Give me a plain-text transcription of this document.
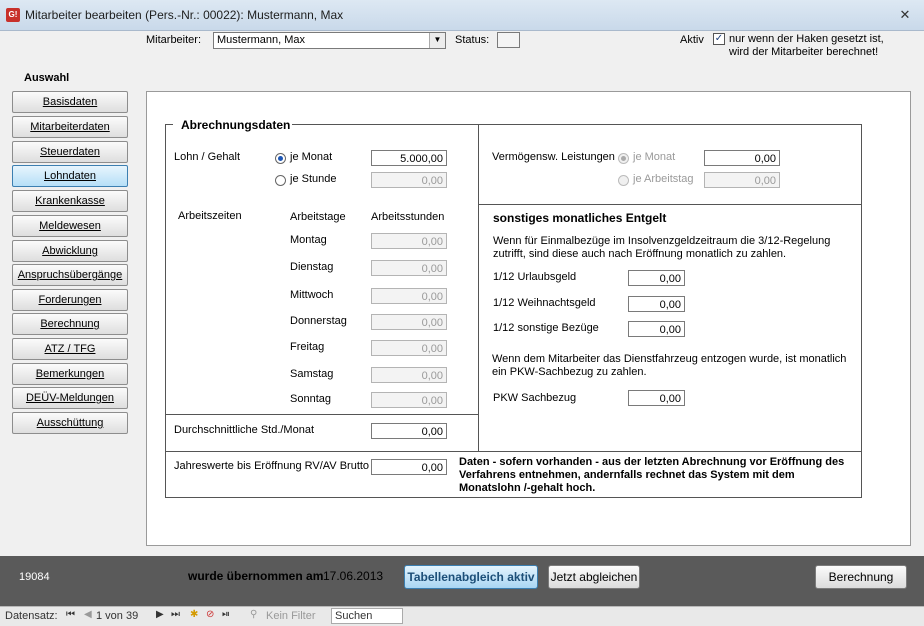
G! Mitarbeiter bearbeiten (Pers.-Nr.: 00022): Mustermann, Max	✕
Mitarbeiter: Mustermann, Max	▼	Status:	Aktiv ✓ nur wenn der Haken gesetzt ist,
wird der Mitarbeiter berechnet!
Auswahl
Basisdaten
Mitarbeiterdaten
Steuerdaten
Lohndaten
Krankenkasse
Meldewesen
Abwicklung
Anspruchsübergänge
Forderungen
Berechnung
ATZ / TFG
Bemerkungen
DEÜV-Meldungen
Ausschüttung
Abrechnungsdaten
Lohn / Gehalt	je Monat	5.000,00
je Stunde	0,00
Arbeitszeiten	Arbeitstage Arbeitsstunden
Montag	0,00
Dienstag	0,00
Mittwoch	0,00
Donnerstag	0,00
Freitag	0,00
Samstag	0,00
Sonntag	0,00
Durchschnittliche Std./Monat	0,00
Jahreswerte bis Eröffnung RV/AV Brutto	0,00	Daten - sofern vorhanden - aus der letzten Abrechnung vor Eröffnung des Verfahrens entnehmen, andernfalls rechnet das System mit dem Monatslohn /-gehalt hoch.
Vermögensw. Leistungen je Monat	0,00
je Arbeitstag	0,00
sonstiges monatliches Entgelt
Wenn für Einmalbezüge im Insolvenzgeldzeitraum die 3/12-Regelung zutrifft, sind diese auch nach Eröffnung monatlich zu zahlen.
1/12 Urlaubsgeld	0,00
1/12 Weihnachtsgeld	0,00
1/12 sonstige Bezüge	0,00
Wenn dem Mitarbeiter das Dienstfahrzeug entzogen wurde, ist monatlich ein PKW-Sachbezug zu zahlen.
PKW Sachbezug	0,00
19084	wurde übernommen am 17.06.2013 Tabellenabgleich aktiv Jetzt abgleichen	Berechnung
Datensatz: ⏮ ◀ 1 von 39 ▶ ⏭ ✱ ⊘ ⏯ ⚲ Kein Filter Suchen
